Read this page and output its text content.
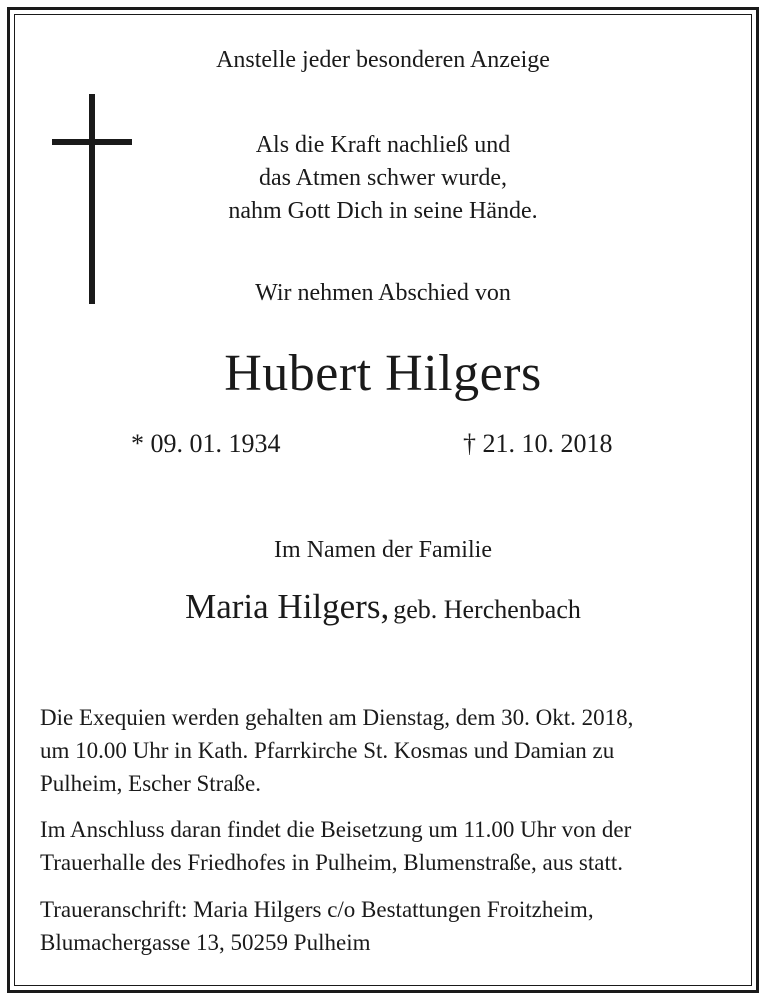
Anstelle jeder besonderen Anzeige
Als die Kraft nachließ und
das Atmen schwer wurde,
nahm Gott Dich in seine Hände.
Wir nehmen Abschied von
Hubert Hilgers
* 09. 01. 1934	† 21. 10. 2018
Im Namen der Familie
Maria Hilgers, geb. Herchenbach
Die Exequien werden gehalten am Dienstag, dem 30. Okt. 2018,
um 10.00 Uhr in Kath. Pfarrkirche St. Kosmas und Damian zu
Pulheim, Escher Straße.
Im Anschluss daran findet die Beisetzung um 11.00 Uhr von der
Trauerhalle des Friedhofes in Pulheim, Blumenstraße, aus statt.
Traueranschrift: Maria Hilgers c/o Bestattungen Froitzheim,
Blumachergasse 13, 50259 Pulheim
